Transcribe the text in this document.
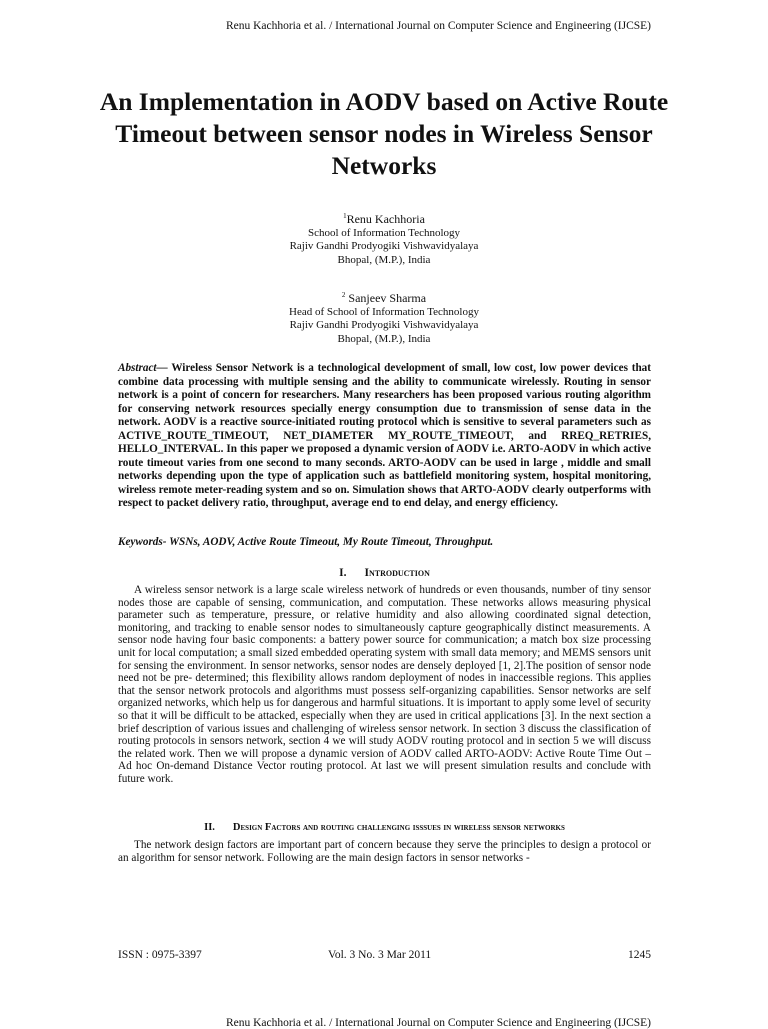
Renu Kachhoria et al. / International Journal on Computer Science and Engineering (IJCSE)
An Implementation in AODV based on Active Route Timeout between sensor nodes in Wireless Sensor Networks
$^1$Renu Kachhoria
School of Information Technology
Rajiv Gandhi Prodyogiki Vishwavidyalaya
Bhopal, (M.P.), India
$^2$ Sanjeev Sharma
Head of School of Information Technology
Rajiv Gandhi Prodyogiki Vishwavidyalaya
Bhopal, (M.P.), India

Abstract— Wireless Sensor Network is a technological development of small, low cost, low power devices that combine data processing with multiple sensing and the ability to communicate wirelessly. Routing in sensor network is a point of concern for researchers. Many researchers has been proposed various routing algorithm for conserving network resources specially energy consumption due to transmission of sense data in the network. AODV is a reactive source-initiated routing protocol which is sensitive to several parameters such as ACTIVE_ROUTE_TIMEOUT, NET_DIAMETER MY_ROUTE_TIMEOUT, and RREQ_RETRIES, HELLO_INTERVAL. In this paper we proposed a dynamic version of AODV i.e. ARTO-AODV in which active route timeout varies from one second to many seconds. ARTO-AODV can be used in large , middle and small networks depending upon the type of application such as battlefield monitoring system, hospital monitoring, wireless remote meter-reading system and so on. Simulation shows that ARTO-AODV clearly outperforms with respect to packet delivery ratio, throughput, average end to end delay, and energy efficiency.

Keywords- WSNs, AODV, Active Route Timeout, My Route Timeout, Throughput.

I. Introduction

A wireless sensor network is a large scale wireless network of hundreds or even thousands, number of tiny sensor nodes those are capable of sensing, communication, and computation. These networks allows measuring physical parameter such as temperature, pressure, or relative humidity and also allowing coordinated signal detection, monitoring, and tracking to enable sensor nodes to simultaneously capture geographically distinct measurements. A sensor node having four basic components: a battery power source for communication; a match box size processing unit for local computation; a small sized embedded operating system with small data memory; and MEMS sensors unit for sensing the environment. In sensor networks, sensor nodes are densely deployed [1, 2].The position of sensor node need not be pre- determined; this flexibility allows random deployment of nodes in inaccessible regions. This applies that the sensor network protocols and algorithms must possess self-organizing capabilities. Sensor networks are self organized networks, which help us for dangerous and harmful situations. It is important to apply some level of security so that it will be difficult to be attacked, especially when they are used in critical applications [3]. In the next section a brief description of various issues and challenging of wireless sensor network. In section 3 discuss the classification of routing protocols in sensors network, section 4 we will study AODV routing protocol and in section 5 we will discuss the related work. Then we will propose a dynamic version of AODV called ARTO-AODV: Active Route Time Out –Ad hoc On-demand Distance Vector routing protocol. At last we will present simulation results and conclude with future work.

II. Design Factors and routing challenging isssues in wireless sensor networks

The network design factors are important part of concern because they serve the principles to design a protocol or an algorithm for sensor network. Following are the main design factors in sensor networks -

ISSN : 0975-3397	Vol. 3 No. 3 Mar 2011	1245
Renu Kachhoria et al. / International Journal on Computer Science and Engineering (IJCSE)
